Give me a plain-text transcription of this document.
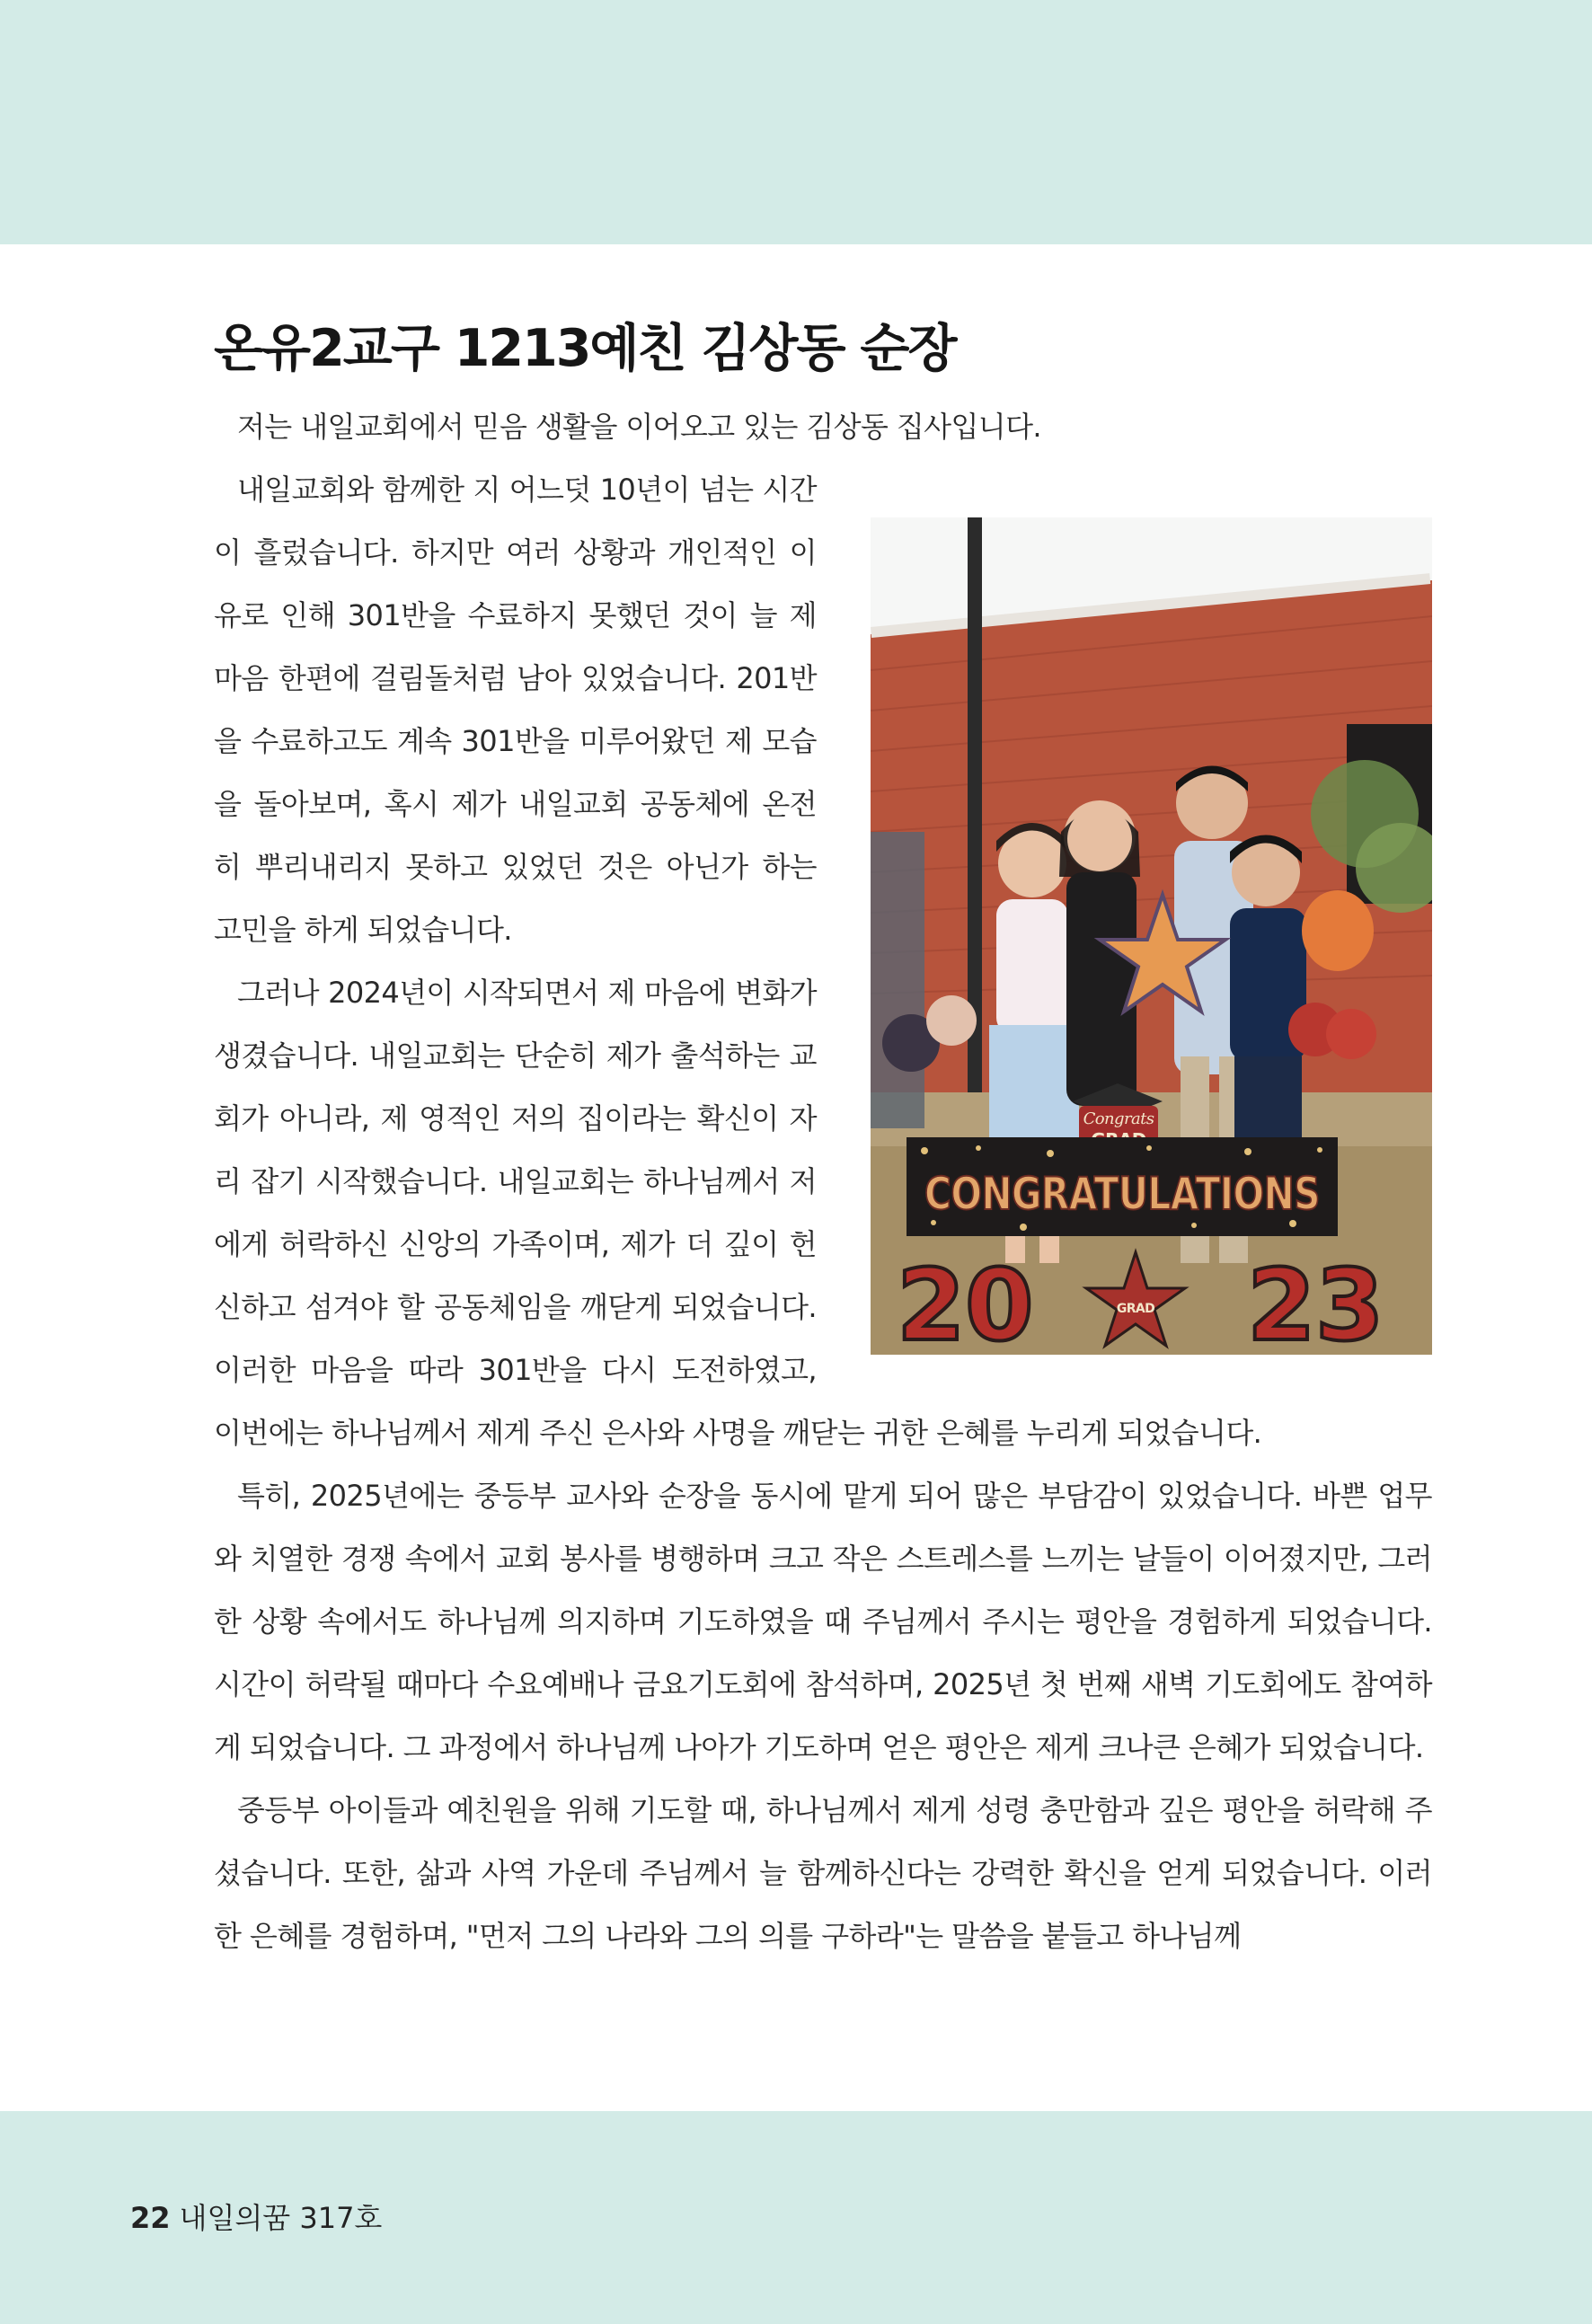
온유2교구 1213예친 김상동 순장

저는 내일교회에서 믿음 생활을 이어오고 있는 김상동 집사입니다.

Congrats
CONGRATULATIONS
20 23
GRAD

내일교회와 함께한 지 어느덧 10년이 넘는 시간이 흘렀습니다. 하지만 여러 상황과 개인적인 이유로 인해 301반을 수료하지 못했던 것이 늘 제 마음 한편에 걸림돌처럼 남아 있었습니다. 201반을 수료하고도 계속 301반을 미루어왔던 제 모습을 돌아보며, 혹시 제가 내일교회 공동체에 온전히 뿌리내리지 못하고 있었던 것은 아닌가 하는 고민을 하게 되었습니다.

그러나 2024년이 시작되면서 제 마음에 변화가 생겼습니다. 내일교회는 단순히 제가 출석하는 교회가 아니라, 제 영적인 저의 집이라는 확신이 자리 잡기 시작했습니다. 내일교회는 하나님께서 저에게 허락하신 신앙의 가족이며, 제가 더 깊이 헌신하고 섬겨야 할 공동체임을 깨닫게 되었습니다. 이러한 마음을 따라 301반을 다시 도전하였고, 이번에는 하나님께서 제게 주신 은사와 사명을 깨닫는 귀한 은혜를 누리게 되었습니다.

특히, 2025년에는 중등부 교사와 순장을 동시에 맡게 되어 많은 부담감이 있었습니다. 바쁜 업무와 치열한 경쟁 속에서 교회 봉사를 병행하며 크고 작은 스트레스를 느끼는 날들이 이어졌지만, 그러한 상황 속에서도 하나님께 의지하며 기도하였을 때 주님께서 주시는 평안을 경험하게 되었습니다. 시간이 허락될 때마다 수요예배나 금요기도회에 참석하며, 2025년 첫 번째 새벽 기도회에도 참여하게 되었습니다. 그 과정에서 하나님께 나아가 기도하며 얻은 평안은 제게 크나큰 은혜가 되었습니다.

중등부 아이들과 예친원을 위해 기도할 때, 하나님께서 제게 성령 충만함과 깊은 평안을 허락해 주셨습니다. 또한, 삶과 사역 가운데 주님께서 늘 함께하신다는 강력한 확신을 얻게 되었습니다. 이러한 은혜를 경험하며, "먼저 그의 나라와 그의 의를 구하라"는 말씀을 붙들고 하나님께

22 내일의꿈 317호
